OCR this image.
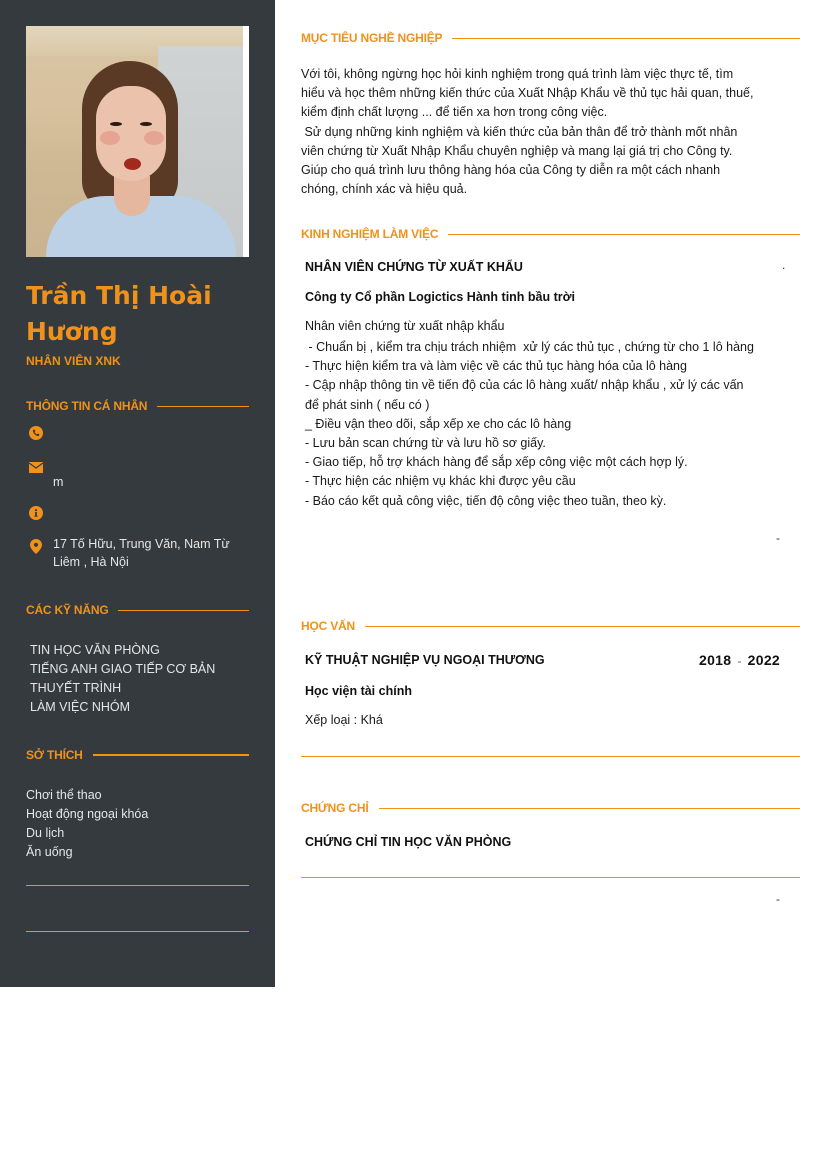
Trần Thị Hoài
Hương
NHÂN VIÊN XNK
THÔNG TIN CÁ NHÂN
m
17 Tố Hữu, Trung Văn, Nam Từ Liêm , Hà Nội
CÁC KỸ NĂNG
TIN HỌC VĂN PHÒNG
TIẾNG ANH GIAO TIẾP CƠ BẢN
THUYẾT TRÌNH
LÀM VIỆC NHÓM
SỞ THÍCH
Chơi thể thao
Hoạt động ngoại khóa
Du lịch
Ăn uống
MỤC TIÊU NGHỀ NGHIỆP
Với tôi, không ngừng học hỏi kinh nghiệm trong quá trình làm việc thực tế, tìm
hiểu và học thêm những kiến thức của Xuất Nhập Khẩu về thủ tục hải quan, thuế,
kiểm định chất lượng ... để tiến xa hơn trong công việc.
Sử dụng những kinh nghiệm và kiến thức của bản thân để trở thành mốt nhân
viên chứng từ Xuất Nhập Khẩu chuyên nghiệp và mang lại giá trị cho Công ty.
Giúp cho quá trình lưu thông hàng hóa của Công ty diễn ra một cách nhanh
chóng, chính xác và hiệu quả.
KINH NGHIỆM LÀM VIỆC
NHÂN VIÊN CHỨNG TỪ XUẤT KHẨU	.
Công ty Cổ phần Logictics Hành tinh bầu trời
Nhân viên chứng từ xuất nhập khẩu
- Chuẩn bị , kiểm tra chịu trách nhiệm  xử lý các thủ tục , chứng từ cho 1 lô hàng
- Thực hiện kiểm tra và làm việc về các thủ tục hàng hóa của lô hàng
- Cập nhập thông tin về tiến độ của các lô hàng xuất/ nhập khẩu , xử lý các vấn
để phát sinh ( nếu có )
_ Điều vận theo dõi, sắp xếp xe cho các lô hàng
- Lưu bản scan chứng từ và lưu hồ sơ giấy.
- Giao tiếp, hỗ trợ khách hàng để sắp xếp công việc một cách hợp lý.
- Thực hiện các nhiệm vụ khác khi được yêu cầu
- Báo cáo kết quả công việc, tiến độ công việc theo tuần, theo kỳ.
-
HỌC VẤN
KỸ THUẬT NGHIỆP VỤ NGOẠI THƯƠNG	2018 - 2022
Học viện tài chính
Xếp loại : Khá
CHỨNG CHỈ
CHỨNG CHỈ TIN HỌC VĂN PHÒNG
-
